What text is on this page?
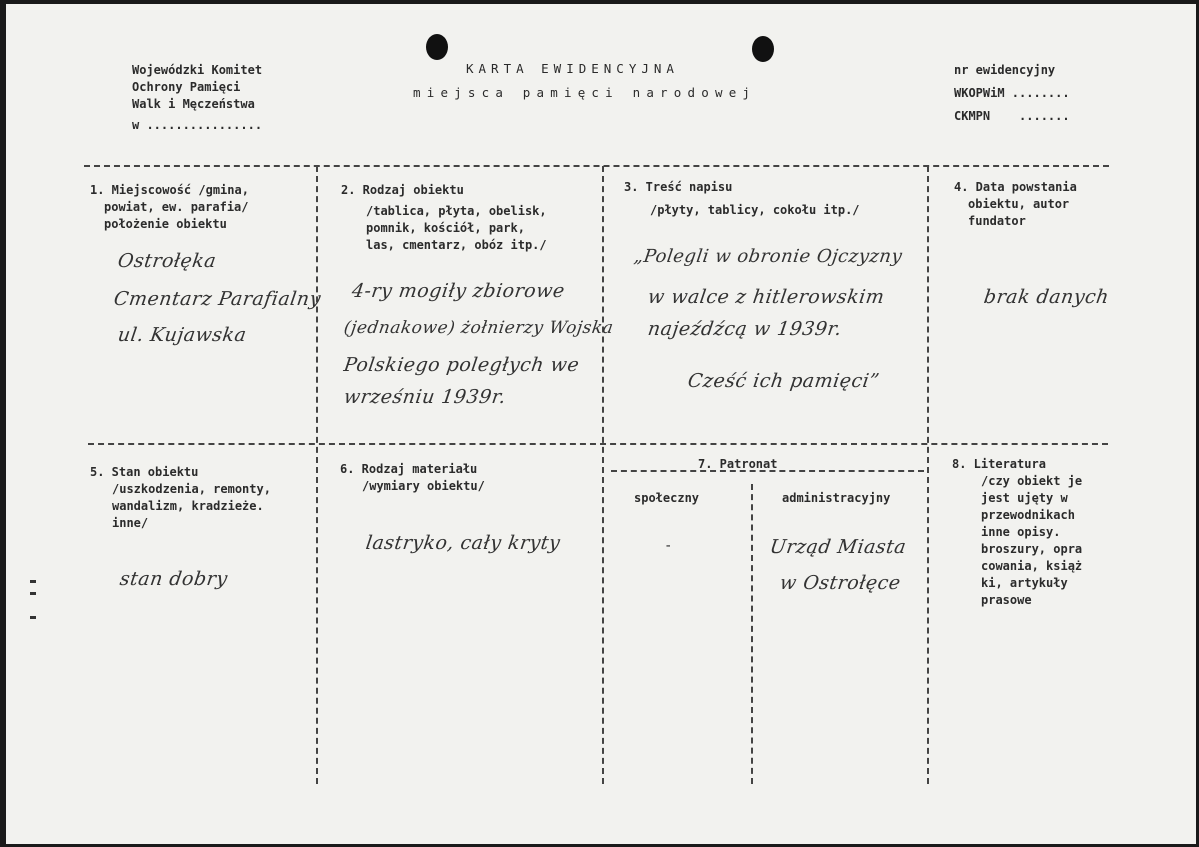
Wojewódzki Komitet
Ochrony Pamięci
Walk i Męczeństwa
w ................
KARTA EWIDENCYJNA
miejsca pamięci narodowej
nr ewidencyjny
WKOPWiM ........
CKMPN    .......
1. Miejscowość /gmina,
powiat, ew. parafia/
położenie obiektu
Ostrołęka
Cmentarz Parafialny
ul. Kujawska
2. Rodzaj obiektu
/tablica, płyta, obelisk,
pomnik, kościół, park,
las, cmentarz, obóz itp./
4-ry mogiły zbiorowe
(jednakowe) żołnierzy Wojska
Polskiego poległych we
wrześniu 1939r.
3. Treść napisu
/płyty, tablicy, cokołu itp./
„Polegli w obronie Ojczyzny
w walce z hitlerowskim
najeźdźcą w 1939r.
Cześć ich pamięci”
4. Data powstania
obiektu, autor
fundator
brak danych
5. Stan obiektu
/uszkodzenia, remonty,
wandalizm, kradzieże.
inne/
stan dobry
6. Rodzaj materiału
/wymiary obiektu/
lastryko, cały kryty
7. Patronat
społeczny	administracyjny
-	Urząd Miasta
w Ostrołęce
8. Literatura
/czy obiekt je
jest ujęty w
przewodnikach
inne opisy.
broszury, opra
cowania, książ
ki, artykuły
prasowe
